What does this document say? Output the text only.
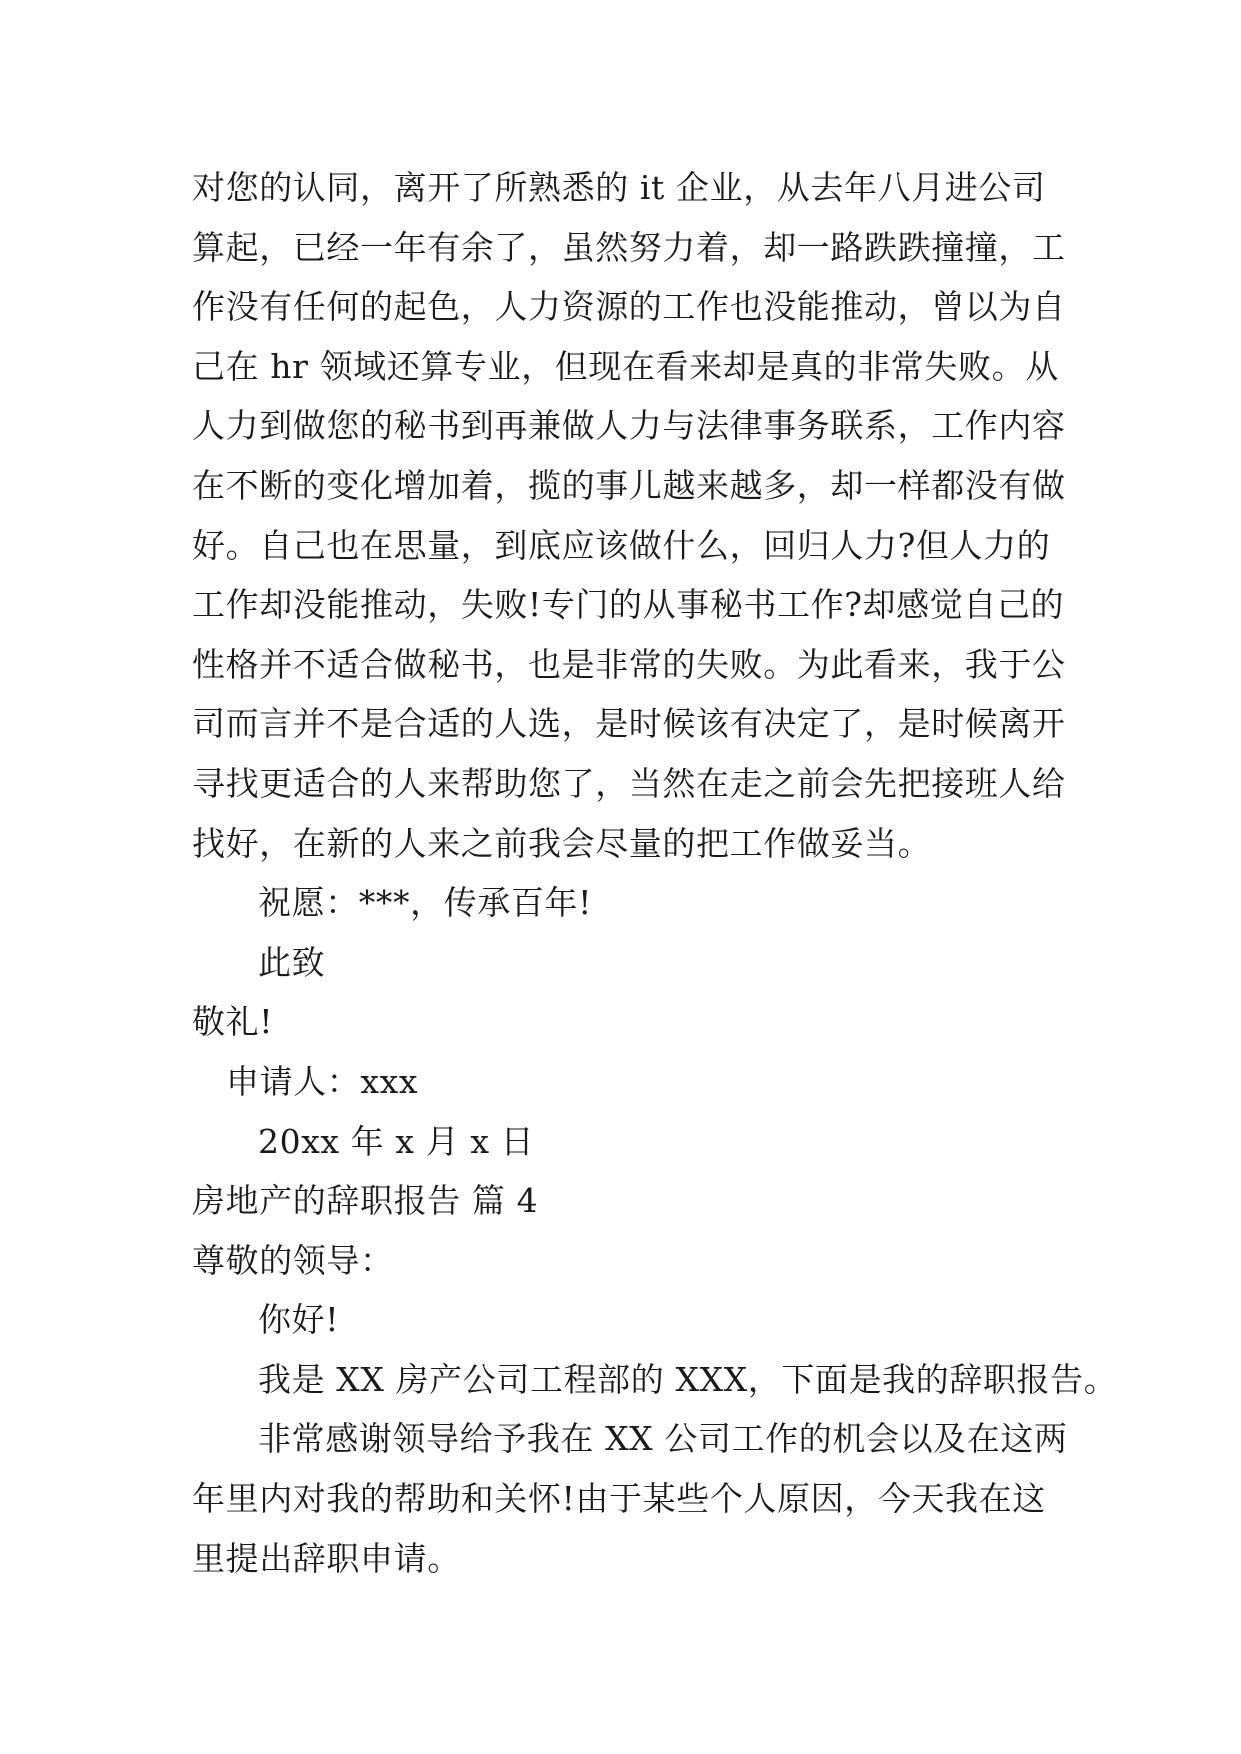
对您的认同，离开了所熟悉的 it 企业，从去年八月进公司
算起，已经一年有余了，虽然努力着，却一路跌跌撞撞，工
作没有任何的起色，人力资源的工作也没能推动，曾以为自
己在 hr 领域还算专业，但现在看来却是真的非常失败。从
人力到做您的秘书到再兼做人力与法律事务联系，工作内容
在不断的变化增加着，揽的事儿越来越多，却一样都没有做
好。自己也在思量，到底应该做什么，回归人力?但人力的
工作却没能推动，失败!专门的从事秘书工作?却感觉自己的
性格并不适合做秘书，也是非常的失败。为此看来，我于公
司而言并不是合适的人选，是时候该有决定了，是时候离开
寻找更适合的人来帮助您了，当然在走之前会先把接班人给
找好，在新的人来之前我会尽量的把工作做妥当。
祝愿：***，传承百年!
此致
敬礼!
申请人：xxx
20xx 年 x 月 x 日
房地产的辞职报告 篇 4
尊敬的领导：
你好!
我是 XX 房产公司工程部的 XXX，下面是我的辞职报告。
非常感谢领导给予我在 XX 公司工作的机会以及在这两
年里内对我的帮助和关怀!由于某些个人原因，今天我在这
里提出辞职申请。
